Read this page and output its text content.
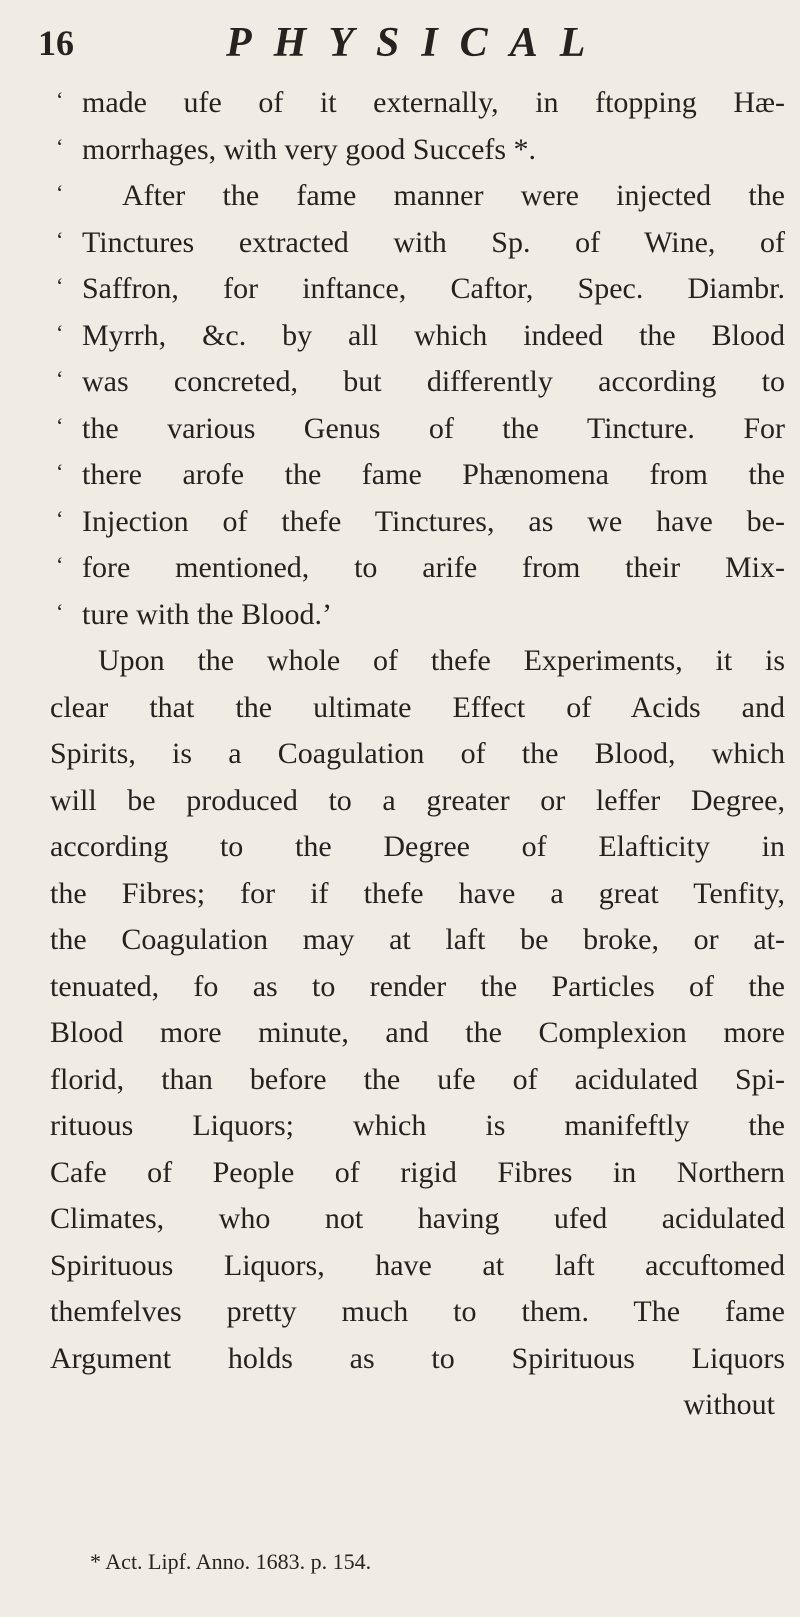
16	PHYSICAL
‘ made ufe of it externally, in ftopping Hæ-
‘ morrhages, with very good Succefs *.
‘ After the fame manner were injected the
‘ Tinctures extracted with Sp. of Wine, of
‘ Saffron, for inftance, Caftor, Spec. Diambr.
‘ Myrrh, &c. by all which indeed the Blood
‘ was concreted, but differently according to
‘ the various Genus of the Tincture. For
‘ there arofe the fame Phænomena from the
‘ Injection of thefe Tinctures, as we have be-
‘ fore mentioned, to arife from their Mix-
‘ ture with the Blood.’
Upon the whole of thefe Experiments, it is
clear that the ultimate Effect of Acids and
Spirits, is a Coagulation of the Blood, which
will be produced to a greater or leffer Degree,
according to the Degree of Elafticity in
the Fibres; for if thefe have a great Tenfity,
the Coagulation may at laft be broke, or at-
tenuated, fo as to render the Particles of the
Blood more minute, and the Complexion more
florid, than before the ufe of acidulated Spi-
rituous Liquors; which is manifeftly the
Cafe of People of rigid Fibres in Northern
Climates, who not having ufed acidulated
Spirituous Liquors, have at laft accuftomed
themfelves pretty much to them. The fame
Argument holds as to Spirituous Liquors
without
* Act. Lipf. Anno. 1683. p. 154.
